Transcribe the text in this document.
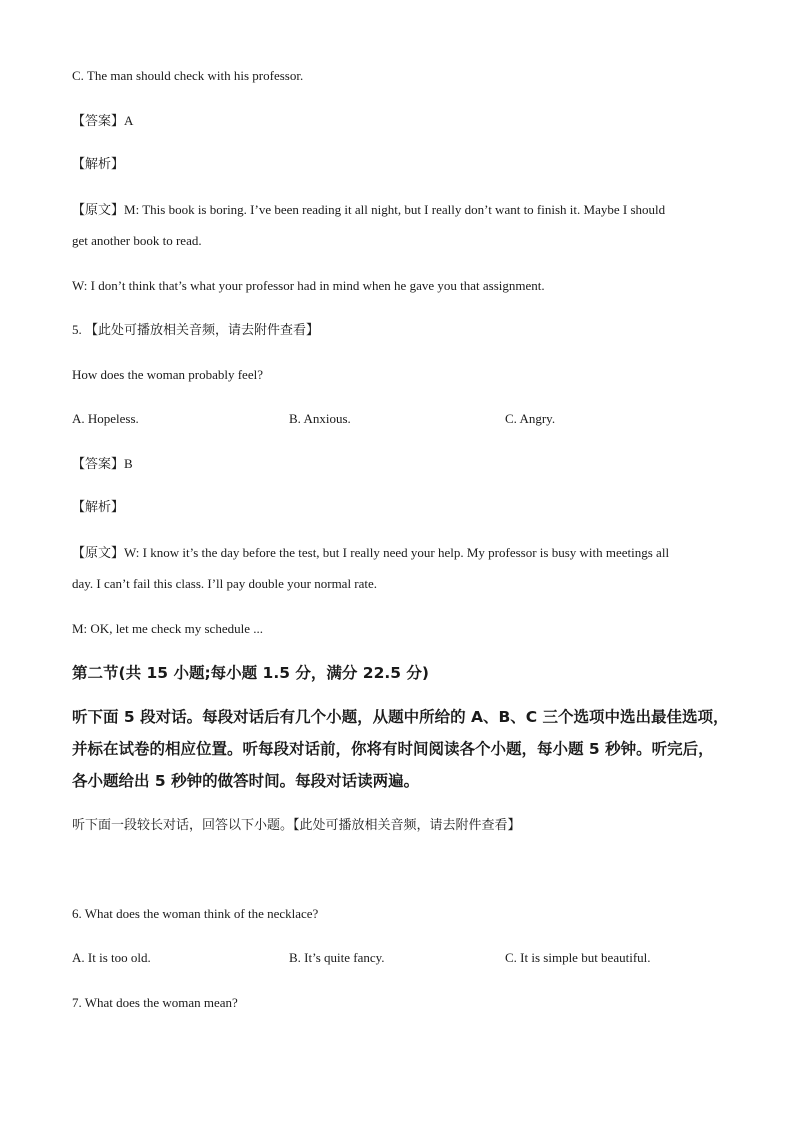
C. The man should check with his professor.
【答案】A
【解析】
【原文】M: This book is boring. I’ve been reading it all night, but I really don’t want to finish it. Maybe I should
get another book to read.
W: I don’t think that’s what your professor had in mind when he gave you that assignment.
5. 【此处可播放相关音频，请去附件查看】
How does the woman probably feel?
A. Hopeless.	B. Anxious.	C. Angry.
【答案】B
【解析】
【原文】W: I know it’s the day before the test, but I really need your help. My professor is busy with meetings all
day. I can’t fail this class. I’ll pay double your normal rate.
M: OK, let me check my schedule ...
第二节(共 15 小题;每小题 1.5 分，满分 22.5 分)
听下面 5 段对话。每段对话后有几个小题，从题中所给的 A、B、C 三个选项中选出最佳选项，
并标在试卷的相应位置。听每段对话前，你将有时间阅读各个小题，每小题 5 秒钟。听完后，
各小题给出 5 秒钟的做答时间。每段对话读两遍。
听下面一段较长对话，回答以下小题。【此处可播放相关音频，请去附件查看】
6. What does the woman think of the necklace?
A. It is too old.	B. It’s quite fancy.	C. It is simple but beautiful.
7. What does the woman mean?
